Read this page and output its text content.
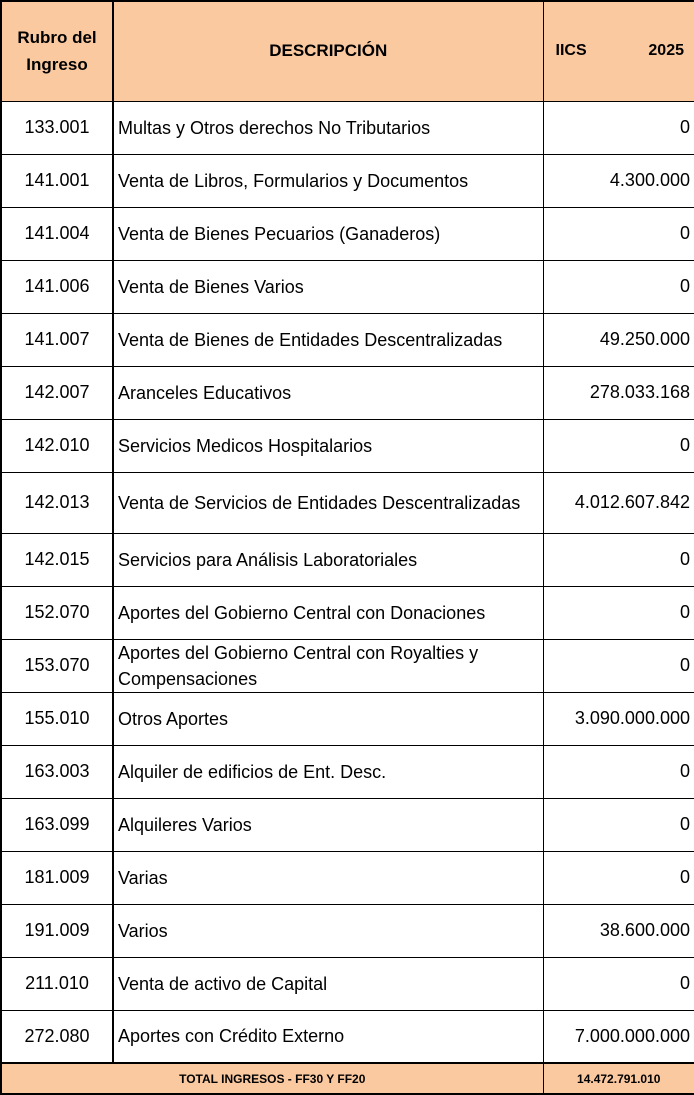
Rubro del Ingreso	DESCRIPCIÓN	IICS 2025

133.001	Multas y Otros derechos No Tributarios	0
141.001	Venta de Libros, Formularios y Documentos	4.300.000
141.004	Venta de Bienes Pecuarios (Ganaderos)	0
141.006	Venta de Bienes Varios	0
141.007	Venta de Bienes de Entidades Descentralizadas	49.250.000
142.007	Aranceles Educativos	278.033.168
142.010	Servicios Medicos Hospitalarios	0
142.013	Venta de Servicios de Entidades Descentralizadas	4.012.607.842
142.015	Servicios para Análisis Laboratoriales	0
152.070	Aportes del Gobierno Central con Donaciones	0
153.070	Aportes del Gobierno Central con Royalties y Compensaciones	0
155.010	Otros Aportes	3.090.000.000
163.003	Alquiler de edificios de Ent. Desc.	0
163.099	Alquileres Varios	0
181.009	Varias	0
191.009	Varios	38.600.000
211.010	Venta de activo de Capital	0
272.080	Aportes con Crédito Externo	7.000.000.000
TOTAL INGRESOS - FF30 Y FF20		14.472.791.010
